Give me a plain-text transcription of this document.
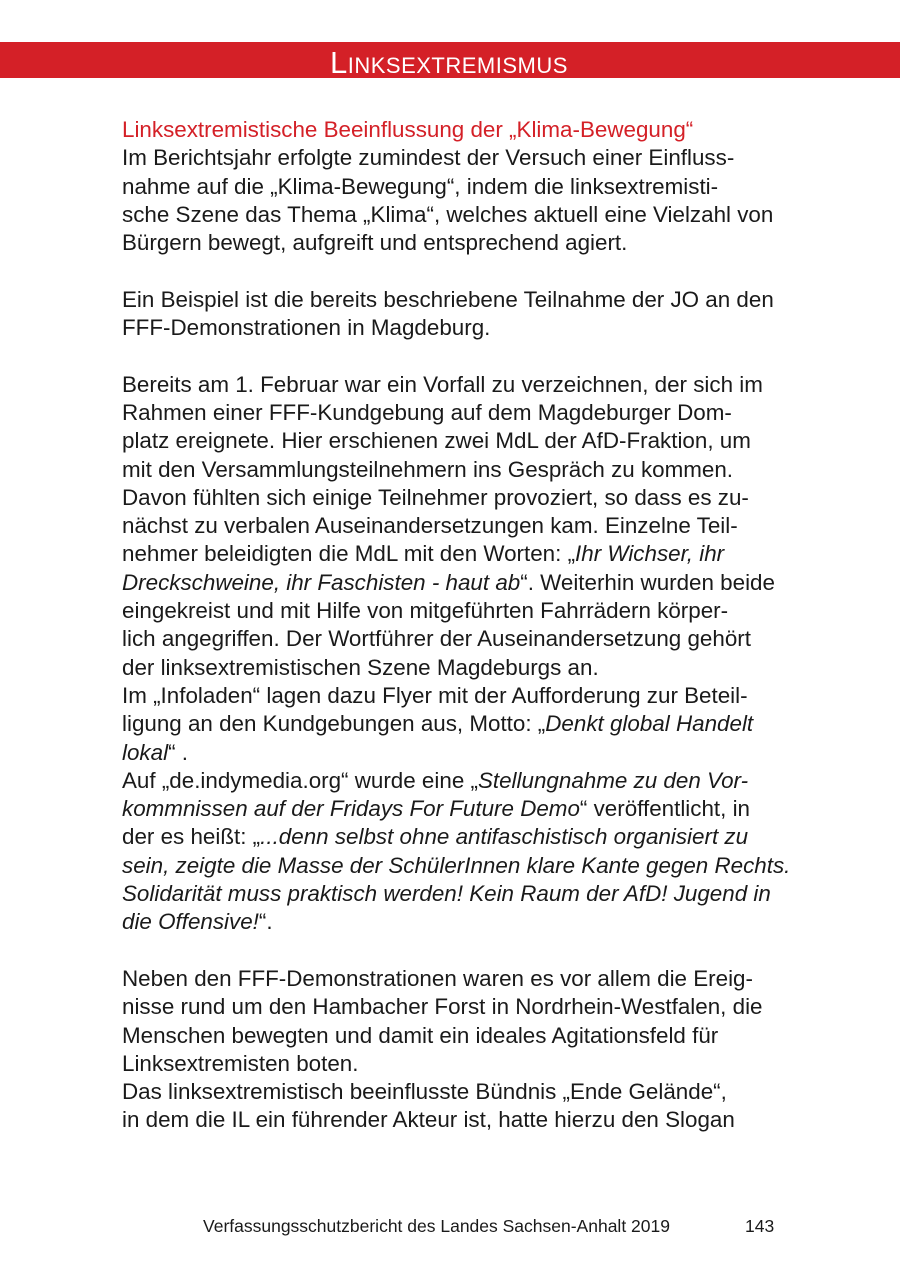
Linksextremismus

Linksextremistische Beeinflussung der „Klima-Bewegung“

Im Berichtsjahr erfolgte zumindest der Versuch einer Einfluss-

nahme auf die „Klima-Bewegung“, indem die linksextremisti-

sche Szene das Thema „Klima“, welches aktuell eine Vielzahl von

Bürgern bewegt, aufgreift und entsprechend agiert.

Ein Beispiel ist die bereits beschriebene Teilnahme der JO an den

FFF-Demonstrationen in Magdeburg.

Bereits am 1. Februar war ein Vorfall zu verzeichnen, der sich im

Rahmen einer FFF-Kundgebung auf dem Magdeburger Dom-

platz ereignete. Hier erschienen zwei MdL der AfD-Fraktion, um

mit den Versammlungsteilnehmern ins Gespräch zu kommen.

Davon fühlten sich einige Teilnehmer provoziert, so dass es zu-

nächst zu verbalen Auseinandersetzungen kam. Einzelne Teil-

nehmer beleidigten die MdL mit den Worten: „Ihr Wichser, ihr

Dreckschweine, ihr Faschisten - haut ab“. Weiterhin wurden beide

eingekreist und mit Hilfe von mitgeführten Fahrrädern körper-

lich angegriffen. Der Wortführer der Auseinandersetzung gehört

der linksextremistischen Szene Magdeburgs an.

Im „Infoladen“ lagen dazu Flyer mit der Aufforderung zur Beteil-

ligung an den Kundgebungen aus, Motto: „Denkt global Handelt

lokal“ .

Auf „de.indymedia.org“ wurde eine „Stellungnahme zu den Vor-

kommnissen auf der Fridays For Future Demo“ veröffentlicht, in

der es heißt: „...denn selbst ohne antifaschistisch organisiert zu

sein, zeigte die Masse der SchülerInnen klare Kante gegen Rechts.

Solidarität muss praktisch werden! Kein Raum der AfD! Jugend in

die Offensive!“.

Neben den FFF-Demonstrationen waren es vor allem die Ereig-

nisse rund um den Hambacher Forst in Nordrhein-Westfalen, die

Menschen bewegten und damit ein ideales Agitationsfeld für

Linksextremisten boten.

Das linksextremistisch beeinflusste Bündnis „Ende Gelände“,

in dem die IL ein führender Akteur ist, hatte hierzu den Slogan

Verfassungsschutzbericht des Landes Sachsen-Anhalt 2019	143
